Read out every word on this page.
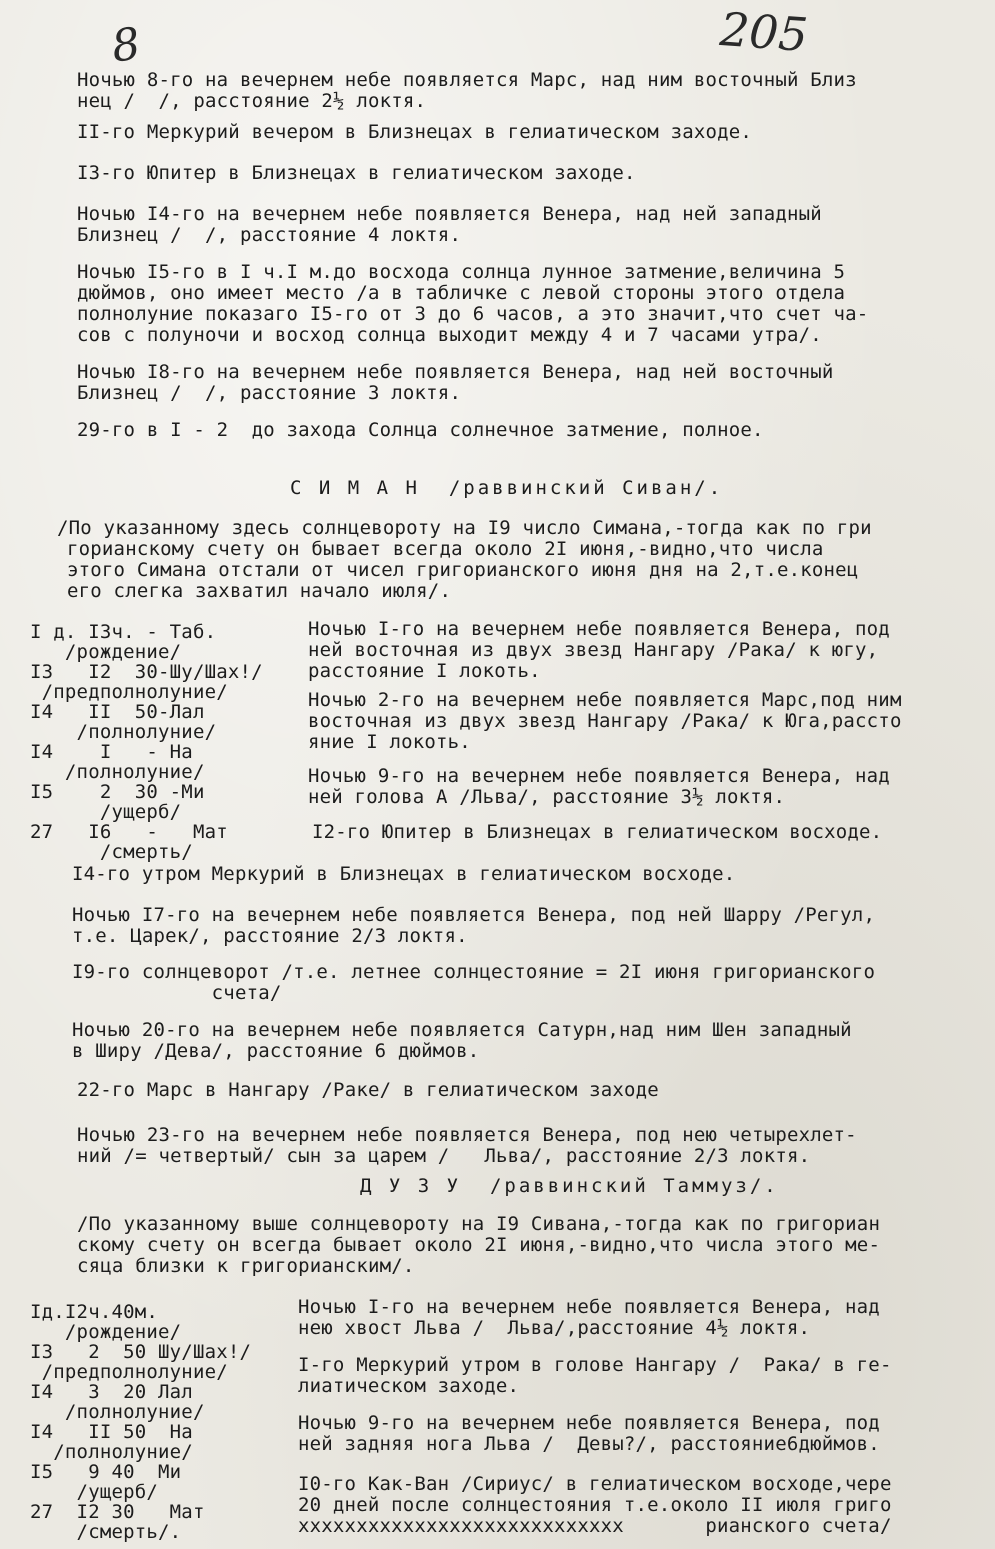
8	205
Ночью 8-го на вечернем небе появляется Марс, над ним восточный Близ
нец /  /, расстояние 2½ локтя.
II-го Меркурий вечером в Близнецах в гелиатическом заходе.
I3-го Юпитер в Близнецах в гелиатическом заходе.
Ночью I4-го на вечернем небе появляется Венера, над ней западный
Близнец /  /, расстояние 4 локтя.
Ночью I5-го в I ч.I м.до восхода солнца лунное затмение,величина 5
дюймов, оно имеет место /а в табличке с левой стороны этого отдела
полнолуние показаго I5-го от 3 до 6 часов, а это значит,что счет ча-
сов с полуночи и восход солнца выходит между 4 и 7 часами утра/.
Ночью I8-го на вечернем небе появляется Венера, над ней восточный
Близнец /  /, расстояние 3 локтя.
29-го в I - 2  до захода Солнца солнечное затмение, полное.
С И М А Н  /раввинский Сиван/.
/По указанному здесь солнцевороту на I9 число Симана,-тогда как по гри
горианскому счету он бывает всегда около 2I июня,-видно,что числа
этого Симана отстали от чисел григорианского июня дня на 2,т.е.конец
его слегка захватил начало июля/.
I д. I3ч. - Таб.
/рождение/
I3   I2  30-Шу/Шах!/
/предполнолуние/
I4   II  50-Лал
/полнолуние/
I4    I   - На
/полнолуние/
I5    2  30 -Ми
/ущерб/
27   I6   -   Мат
/смерть/
Ночью I-го на вечернем небе появляется Венера, под
ней восточная из двух звезд Нангару /Рака/ к югу,
расстояние I локоть.
Ночью 2-го на вечернем небе появляется Марс,под ним
восточная из двух звезд Нангару /Рака/ к Юга,расстo
яние I локоть.
Ночью 9-го на вечернем небе появляется Венера, над
ней голова А /Льва/, расстояние 3½ локтя.
I2-го Юпитер в Близнецах в гелиатическом восходе.
I4-го утром Меркурий в Близнецах в гелиатическом восходе.
Ночью I7-го на вечернем небе появляется Венера, под ней Шарру /Регул,
т.е. Царек/, расстояние 2/3 локтя.
I9-го солнцеворот /т.е. летнее солнцестояние = 2I июня григорианского
счета/
Ночью 20-го на вечернем небе появляется Сатурн,над ним Шен западный
в Ширу /Дева/, расстояние 6 дюймов.
22-го Марс в Нангару /Раке/ в гелиатическом заходе
Ночью 23-го на вечернем небе появляется Венера, под нею четырехлет-
ний /= четвертый/ сын за царем /   Льва/, расстояние 2/3 локтя.
Д У З У  /раввинский Таммуз/.
/По указанному выше солнцевороту на I9 Сивана,-тогда как по григориан
скому счету он всегда бывает около 2I июня,-видно,что числа этого ме-
сяца близки к григорианским/.
Iд.I2ч.40м.
/рождение/
I3   2  50 Шу/Шах!/
/предполнолуние/
I4   3  20 Лал
/полнолуние/
I4   II 50  На
/полнолуние/
I5   9 40  Ми
/ущерб/
27  I2 30   Мат
/смерть/.
Ночью I-го на вечернем небе появляется Венера, над
нею хвост Льва /  Льва/,расстояние 4½ локтя.
I-го Меркурий утром в голове Нангару /  Рака/ в ге-
лиатическом заходе.
Ночью 9-го на вечернем небе появляется Венера, под
ней задняя нога Льва /  Девы?/, расстояние6дюймов.
I0-го Как-Ван /Сириус/ в гелиатическом восходе,чере
20 дней после солнцестояния т.е.около II июля григо
хххххххххххххххххххххххххххх       рианского счета/
